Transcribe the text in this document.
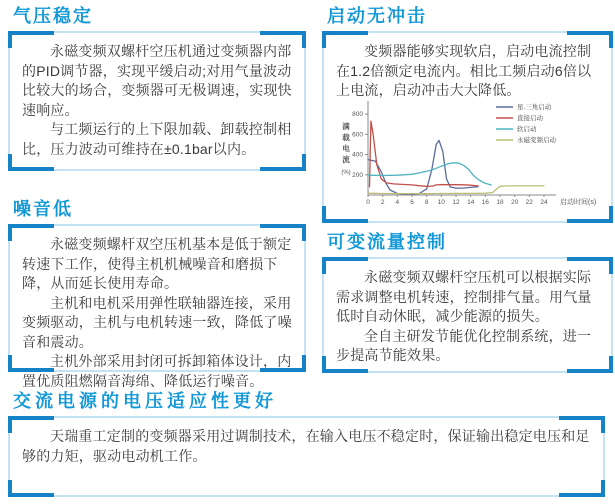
气压稳定

永磁变频双螺杆空压机通过变频器内部的PID调节器，实现平缓启动;对用气量波动比较大的场合，变频器可无极调速，实现快速响应。

与工频运行的上下限加载、卸载控制相比，压力波动可维持在±0.1bar以内。

启动无冲击

变频器能够实现软启，启动电流控制在1.2倍额定电流内。相比工频启动6倍以上电流，启动冲击大大降低。

200
400
600
800
0 2 4 6 8 10 12 14 16 18 20 22 24
满
载
电
流
(%)
启动时间(s)
星.三角启动
直接启动
软启动
永磁变频启动
噪音低

永磁变频螺杆双空压机基本是低于额定转速下工作，使得主机机械噪音和磨损下降，从而延长使用寿命。

主机和电机采用弹性联轴器连接，采用变频驱动，主机与电机转速一致，降低了噪音和震动。

主机外部采用封闭可拆卸箱体设计，内置优质阻燃隔音海绵、降低运行噪音。

可变流量控制

永磁变频双螺杆空压机可以根据实际需求调整电机转速，控制排气量。用气量低时自动休眠，减少能源的损失。

全自主研发节能优化控制系统，进一步提高节能效果。

交流电源的电压适应性更好

天瑞重工定制的变频器采用过调制技术，在输入电压不稳定时，保证输出稳定电压和足够的力矩，驱动电动机工作。
